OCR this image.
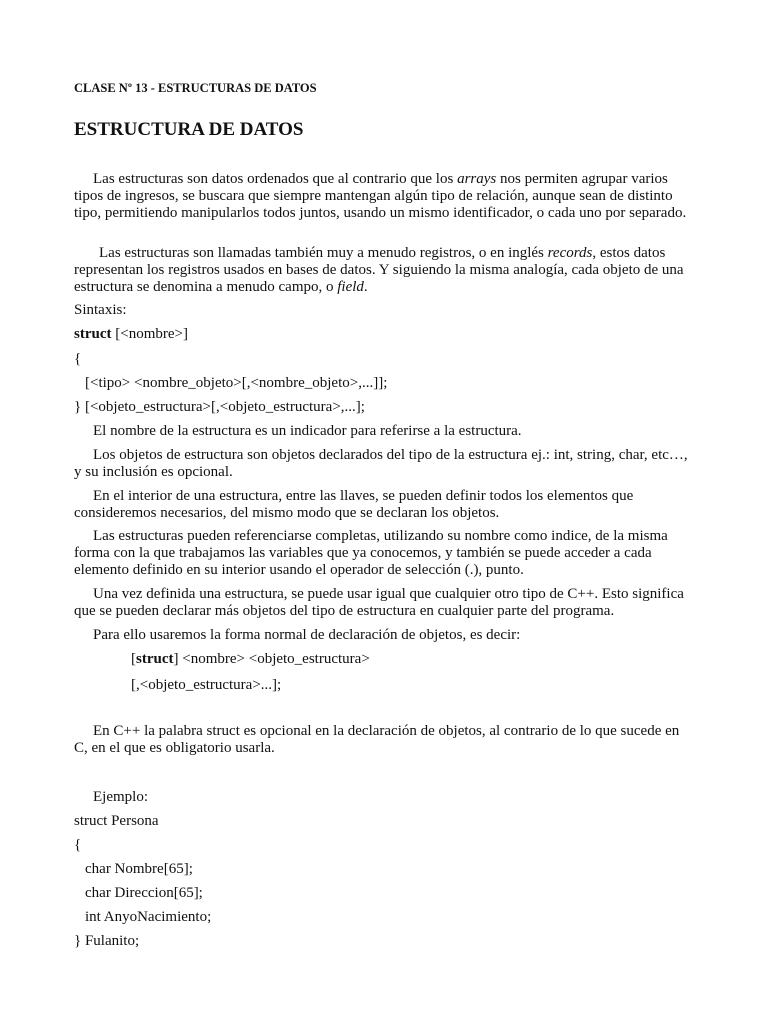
CLASE Nº 13 - ESTRUCTURAS DE DATOS
ESTRUCTURA DE DATOS
Las estructuras son datos ordenados que al contrario que los arrays nos permiten agrupar varios tipos de ingresos, se buscara que siempre mantengan algún tipo de relación, aunque sean de distinto tipo, permitiendo manipularlos todos juntos, usando un mismo identificador, o cada uno por separado.
Las estructuras son llamadas también muy a menudo registros, o en inglés records, estos datos representan los registros usados en bases de datos. Y siguiendo la misma analogía, cada objeto de una estructura se denomina a menudo campo, o field.
Sintaxis:
struct [<nombre>]
{
[<tipo> <nombre_objeto>[,<nombre_objeto>,...]];
} [<objeto_estructura>[,<objeto_estructura>,...];
El nombre de la estructura es un indicador para referirse a la estructura.
Los objetos de estructura son objetos declarados del tipo de la estructura ej.: int, string, char, etc…, y su inclusión es opcional.
En el interior de una estructura, entre las llaves, se pueden definir todos los elementos que consideremos necesarios, del mismo modo que se declaran los objetos.
Las estructuras pueden referenciarse completas, utilizando su nombre como indice, de la misma forma con la que trabajamos las variables que ya conocemos, y también se puede acceder a cada elemento definido en su interior usando el operador de selección (.), punto.
Una vez definida una estructura, se puede usar igual que cualquier otro tipo de C++. Esto significa que se pueden declarar más objetos del tipo de estructura en cualquier parte del programa.
Para ello usaremos la forma normal de declaración de objetos, es decir:
[struct] <nombre> <objeto_estructura>
[,<objeto_estructura>...];
En C++ la palabra struct es opcional en la declaración de objetos, al contrario de lo que sucede en C, en el que es obligatorio usarla.
Ejemplo:
struct Persona
{
char Nombre[65];
char Direccion[65];
int AnyoNacimiento;
} Fulanito;
